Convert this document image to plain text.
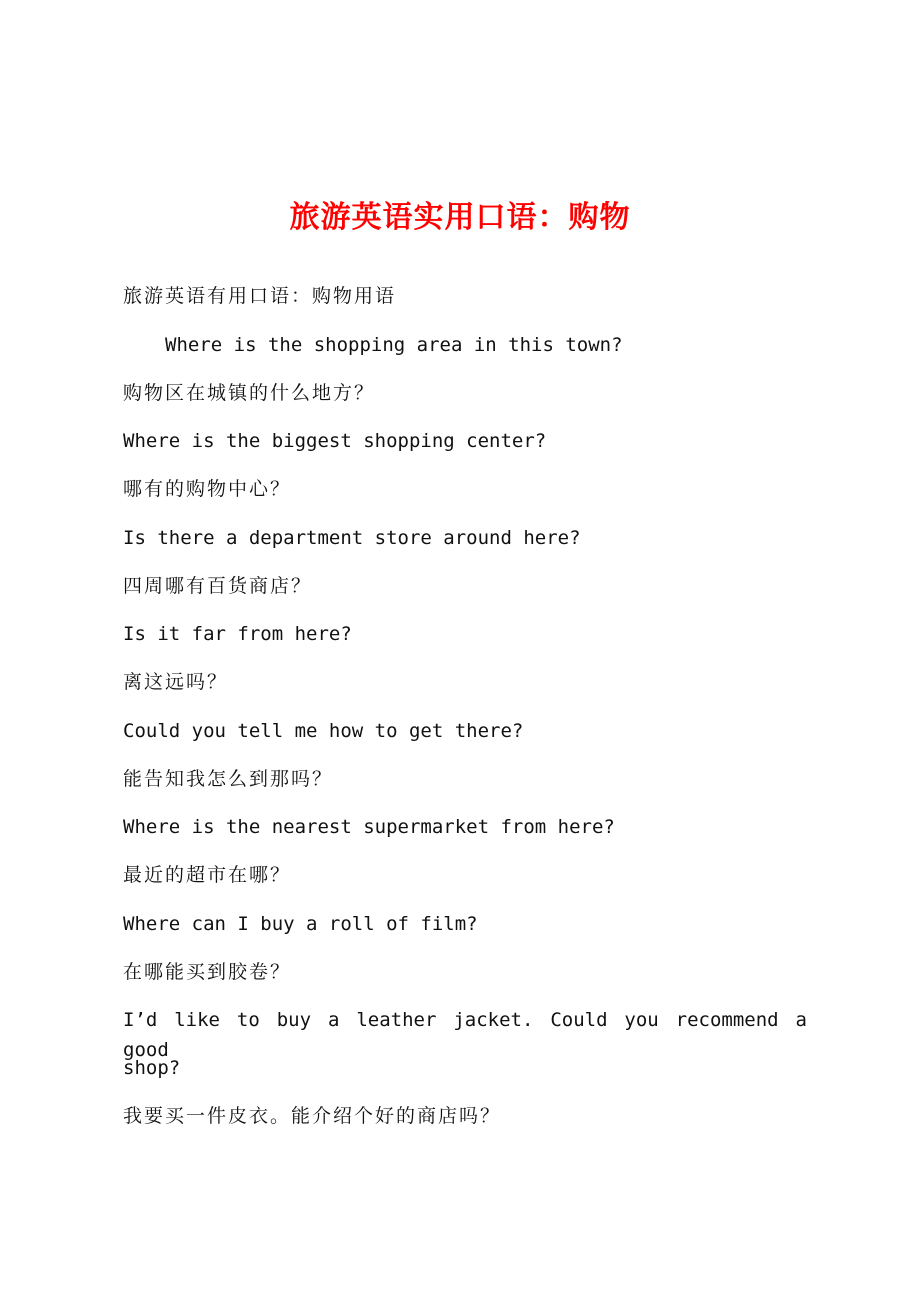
旅游英语实用口语：购物
旅游英语有用口语：购物用语
Where is the shopping area in this town?
购物区在城镇的什么地方？
Where is the biggest shopping center?
哪有的购物中心？
Is there a department store around here?
四周哪有百货商店？
Is it far from here?
离这远吗？
Could you tell me how to get there?
能告知我怎么到那吗？
Where is the nearest supermarket from here?
最近的超市在哪？
Where can I buy a roll of film?
在哪能买到胶卷？
I’d like to buy a leather jacket. Could you recommend a good
shop?
我要买一件皮衣。能介绍个好的商店吗？
